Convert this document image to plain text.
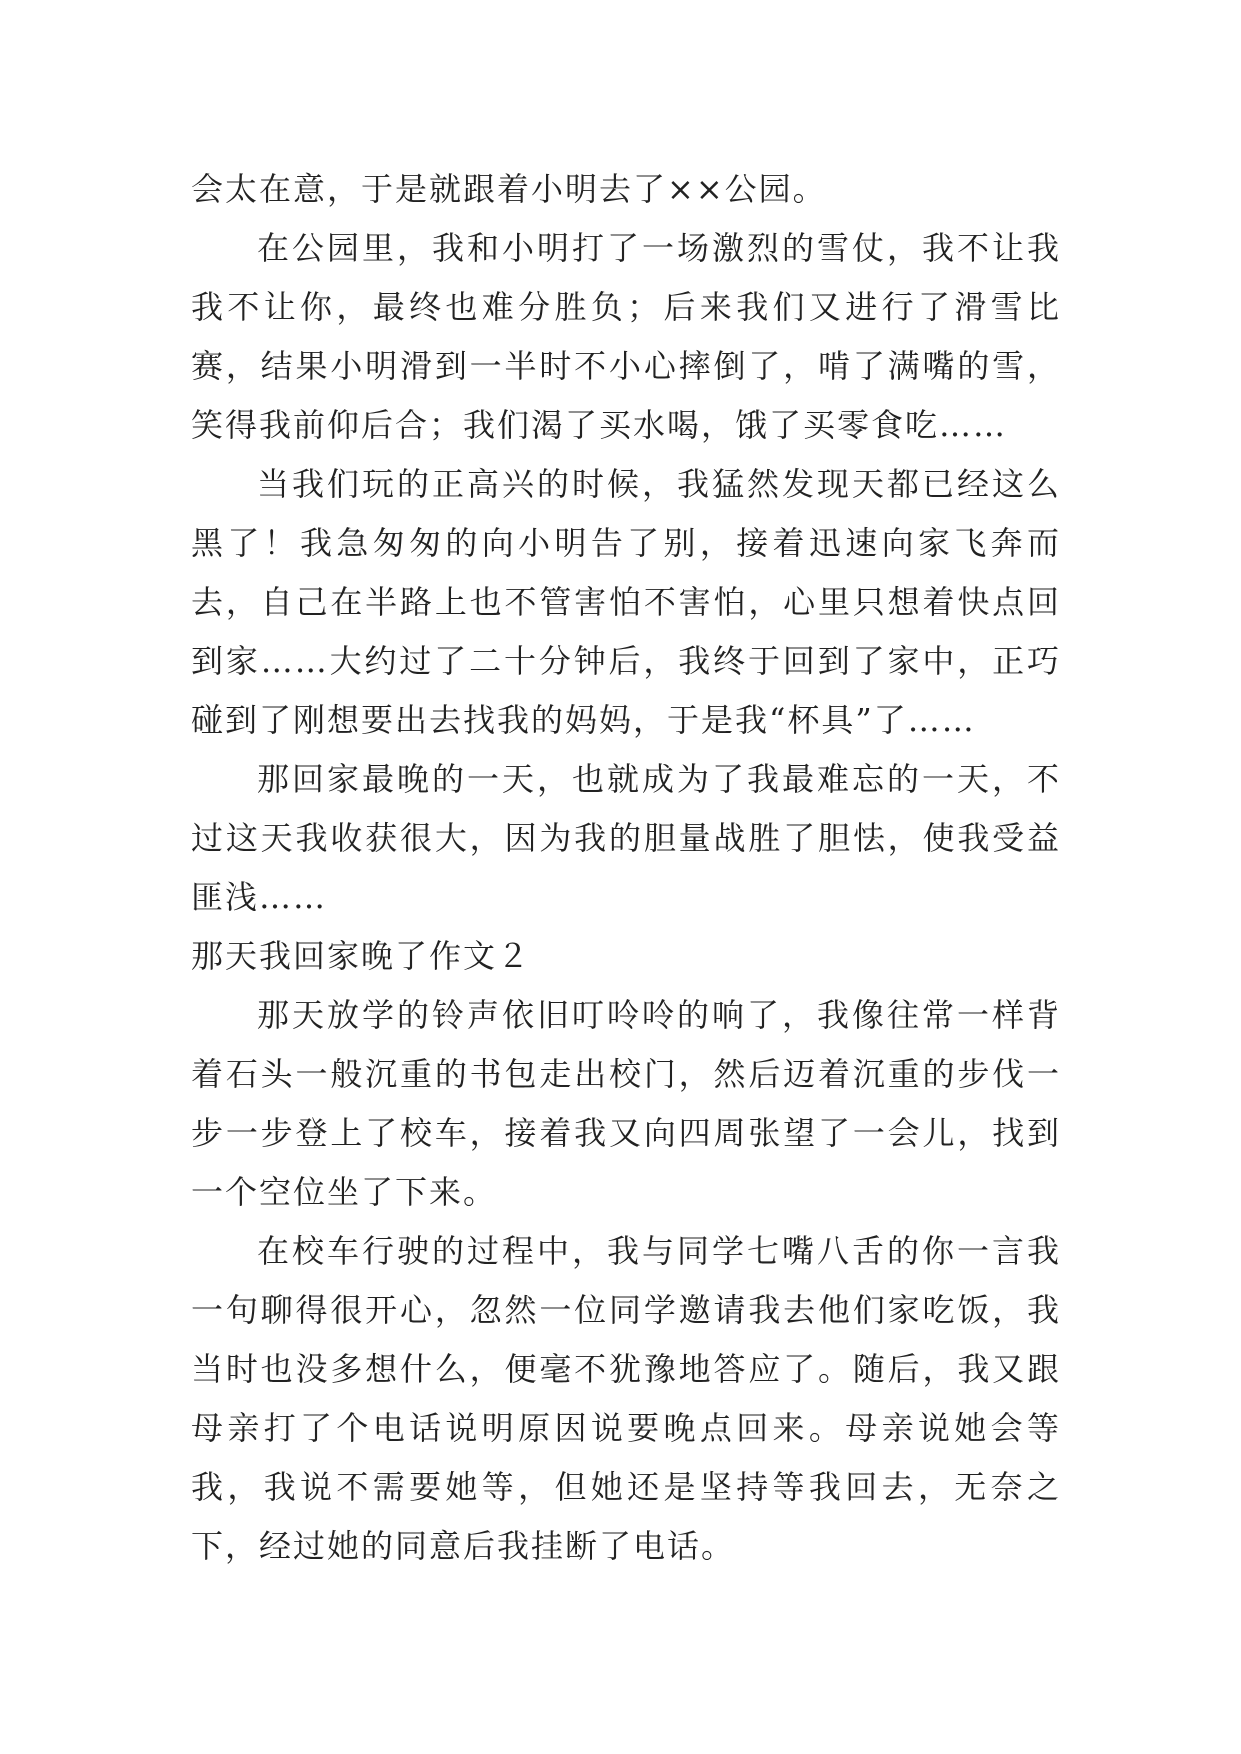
会太在意，于是就跟着小明去了××公园。

在公园里，我和小明打了一场激烈的雪仗，我不让我我不让你，最终也难分胜负；后来我们又进行了滑雪比赛，结果小明滑到一半时不小心摔倒了，啃了满嘴的雪，笑得我前仰后合；我们渴了买水喝，饿了买零食吃……

当我们玩的正高兴的时候，我猛然发现天都已经这么黑了！我急匆匆的向小明告了别，接着迅速向家飞奔而去，自己在半路上也不管害怕不害怕，心里只想着快点回到家……大约过了二十分钟后，我终于回到了家中，正巧碰到了刚想要出去找我的妈妈，于是我“杯具”了……

那回家最晚的一天，也就成为了我最难忘的一天，不过这天我收获很大，因为我的胆量战胜了胆怯，使我受益匪浅……

那天我回家晚了作文２

那天放学的铃声依旧叮呤呤的响了，我像往常一样背着石头一般沉重的书包走出校门，然后迈着沉重的步伐一步一步登上了校车，接着我又向四周张望了一会儿，找到一个空位坐了下来。

在校车行驶的过程中，我与同学七嘴八舌的你一言我一句聊得很开心，忽然一位同学邀请我去他们家吃饭，我当时也没多想什么，便毫不犹豫地答应了。随后，我又跟母亲打了个电话说明原因说要晚点回来。母亲说她会等我，我说不需要她等，但她还是坚持等我回去，无奈之下，经过她的同意后我挂断了电话。
